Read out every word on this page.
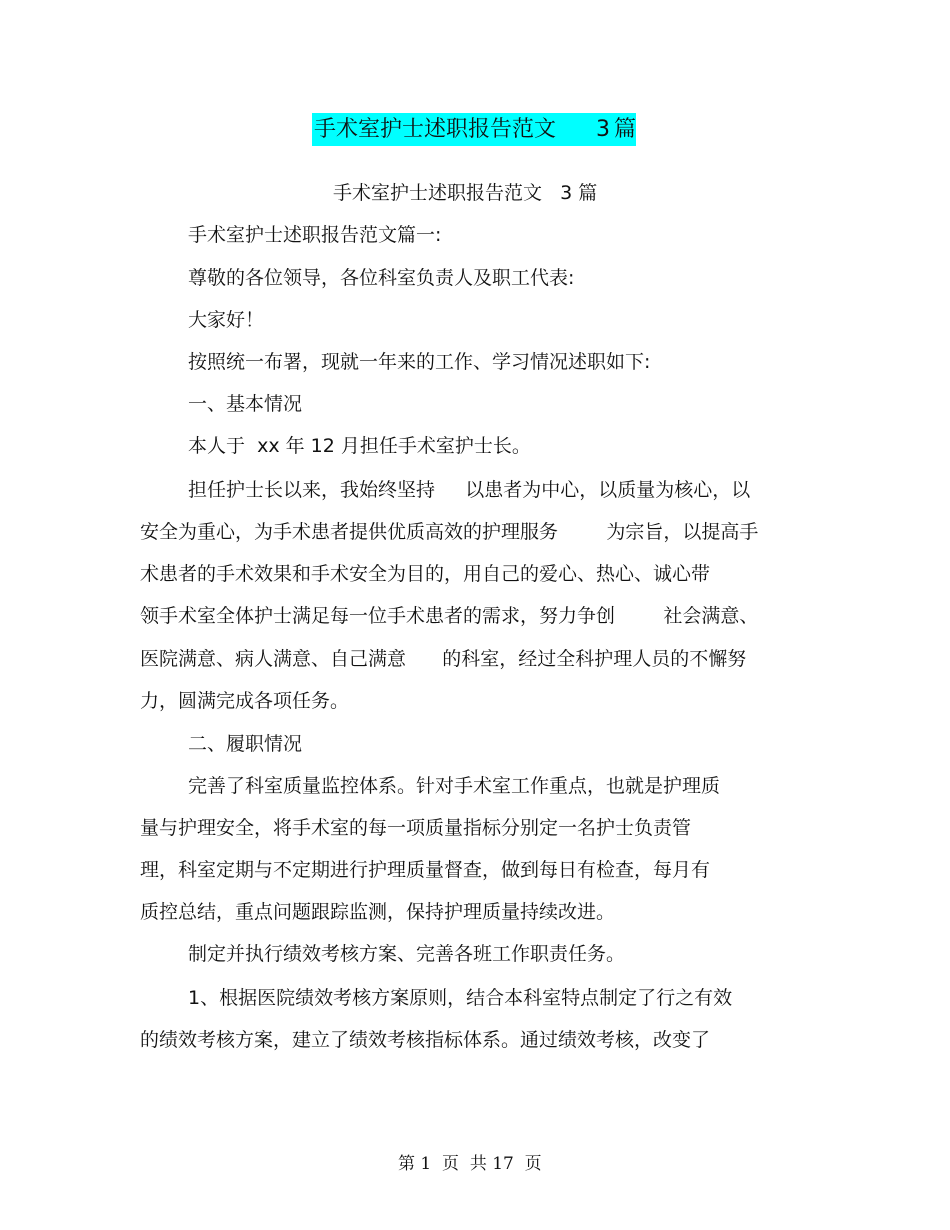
手术室护士述职报告范文 3 篇
手术室护士述职报告范文   3 篇
手术室护士述职报告范文篇一:
尊敬的各位领导，各位科室负责人及职工代表:
大家好！
按照统一布署，现就一年来的工作、学习情况述职如下:
一、基本情况
本人于  xx 年 12 月担任手术室护士长。
担任护士长以来，我始终坚持     以患者为中心，以质量为核心，以
安全为重心，为手术患者提供优质高效的护理服务        为宗旨，以提高手
术患者的手术效果和手术安全为目的，用自己的爱心、热心、诚心带
领手术室全体护士满足每一位手术患者的需求，努力争创        社会满意、
医院满意、病人满意、自己满意      的科室，经过全科护理人员的不懈努
力，圆满完成各项任务。
二、履职情况
完善了科室质量监控体系。针对手术室工作重点，也就是护理质
量与护理安全，将手术室的每一项质量指标分别定一名护士负责管
理，科室定期与不定期进行护理质量督查，做到每日有检查，每月有
质控总结，重点问题跟踪监测，保持护理质量持续改进。
制定并执行绩效考核方案、完善各班工作职责任务。
1、根据医院绩效考核方案原则，结合本科室特点制定了行之有效
的绩效考核方案，建立了绩效考核指标体系。通过绩效考核，改变了
第 1  页  共 17  页
